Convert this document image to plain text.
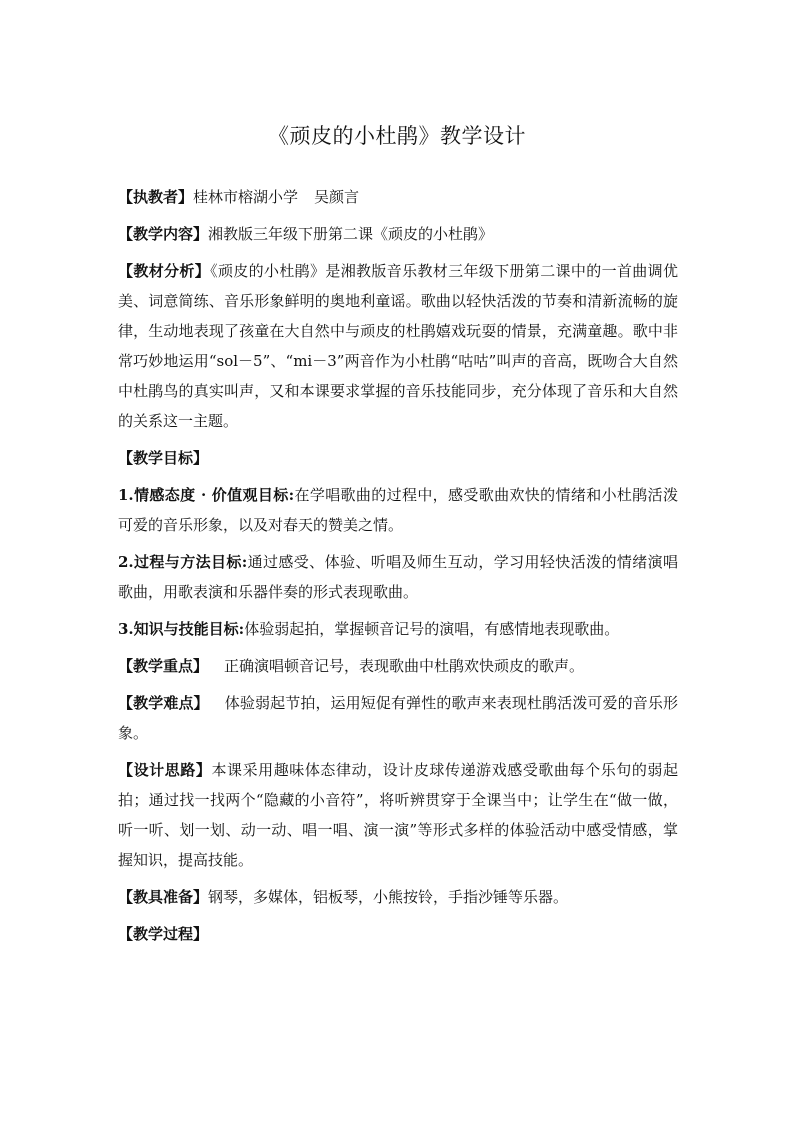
《顽皮的小杜鹃》教学设计

【执教者】桂林市榕湖小学 吴颜言

【教学内容】湘教版三年级下册第二课《顽皮的小杜鹃》

【教材分析】《顽皮的小杜鹃》是湘教版音乐教材三年级下册第二课中的一首曲调优美、词意简练、音乐形象鲜明的奥地利童谣。歌曲以轻快活泼的节奏和清新流畅的旋律，生动地表现了孩童在大自然中与顽皮的杜鹃嬉戏玩耍的情景，充满童趣。歌中非常巧妙地运用“sol－5”、“mi－3”两音作为小杜鹃“咕咕”叫声的音高，既吻合大自然中杜鹃鸟的真实叫声，又和本课要求掌握的音乐技能同步，充分体现了音乐和大自然的关系这一主题。

【教学目标】

1.情感态度 · 价值观目标:在学唱歌曲的过程中，感受歌曲欢快的情绪和小杜鹃活泼可爱的音乐形象，以及对春天的赞美之情。

2.过程与方法目标:通过感受、体验、听唱及师生互动，学习用轻快活泼的情绪演唱歌曲，用歌表演和乐器伴奏的形式表现歌曲。

3.知识与技能目标:体验弱起拍，掌握顿音记号的演唱，有感情地表现歌曲。

【教学重点】 正确演唱顿音记号，表现歌曲中杜鹃欢快顽皮的歌声。

【教学难点】 体验弱起节拍，运用短促有弹性的歌声来表现杜鹃活泼可爱的音乐形象。

【设计思路】本课采用趣味体态律动，设计皮球传递游戏感受歌曲每个乐句的弱起拍；通过找一找两个“隐藏的小音符”，将听辨贯穿于全课当中；让学生在“做一做，听一听、划一划、动一动、唱一唱、演一演”等形式多样的体验活动中感受情感，掌握知识，提高技能。

【教具准备】钢琴，多媒体，铝板琴，小熊按铃，手指沙锤等乐器。

【教学过程】
